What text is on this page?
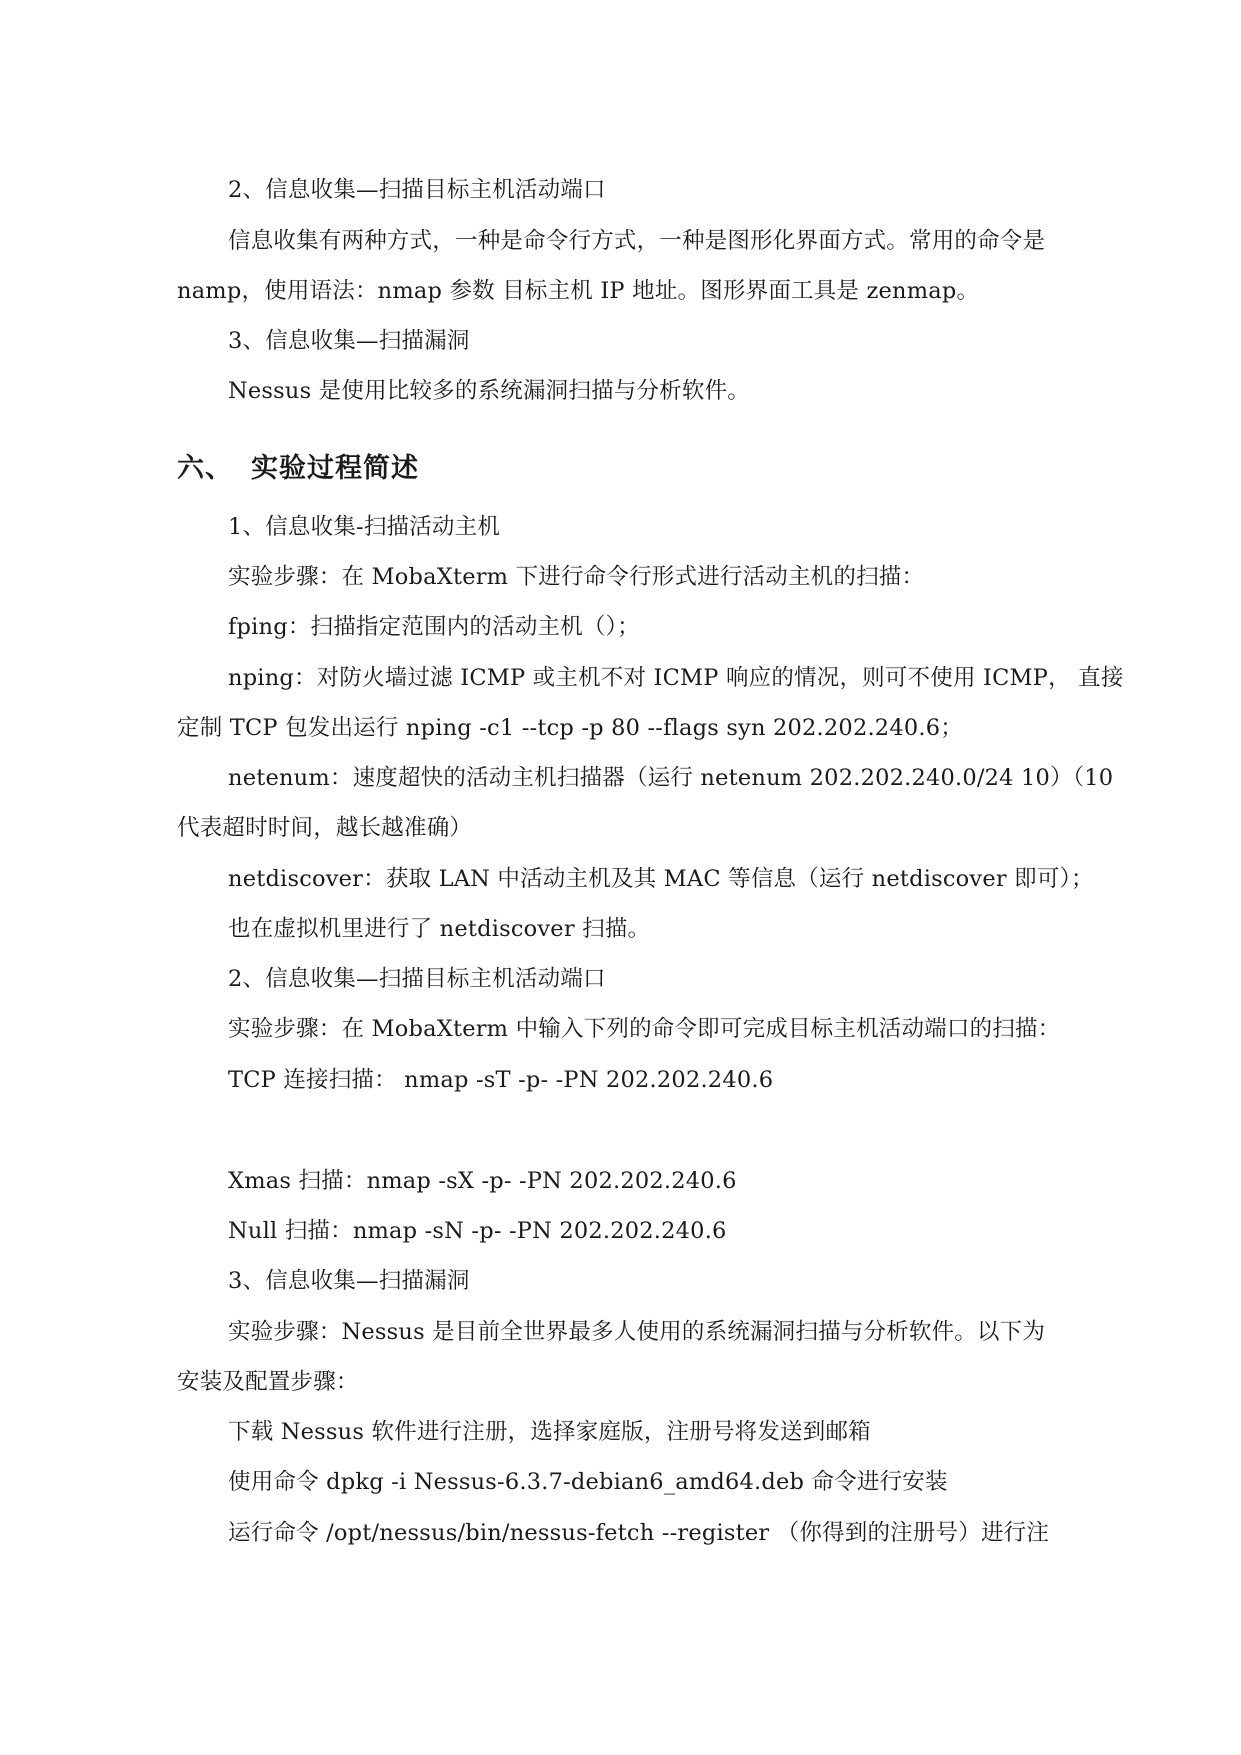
2、信息收集—扫描目标主机活动端口
信息收集有两种方式，一种是命令行方式，一种是图形化界面方式。常用的命令是
namp，使用语法：nmap 参数 目标主机 IP 地址。图形界面工具是 zenmap。
3、信息收集—扫描漏洞
Nessus 是使用比较多的系统漏洞扫描与分析软件。
六、 实验过程简述
1、信息收集-扫描活动主机
实验步骤：在 MobaXterm 下进行命令行形式进行活动主机的扫描：
fping：扫描指定范围内的活动主机（）；
nping：对防火墙过滤 ICMP 或主机不对 ICMP 响应的情况，则可不使用 ICMP， 直接
定制 TCP 包发出运行 nping -c1 --tcp -p 80 --flags syn 202.202.240.6；
netenum：速度超快的活动主机扫描器（运行 netenum 202.202.240.0/24 10）（10
代表超时时间，越长越准确）
netdiscover：获取 LAN 中活动主机及其 MAC 等信息（运行 netdiscover 即可）；
也在虚拟机里进行了 netdiscover 扫描。
2、信息收集—扫描目标主机活动端口
实验步骤：在 MobaXterm 中输入下列的命令即可完成目标主机活动端口的扫描：
TCP 连接扫描： nmap -sT -p- -PN 202.202.240.6
Xmas 扫描：nmap -sX -p- -PN 202.202.240.6
Null 扫描：nmap -sN -p- -PN 202.202.240.6
3、信息收集—扫描漏洞
实验步骤：Nessus 是目前全世界最多人使用的系统漏洞扫描与分析软件。以下为
安装及配置步骤：
下载 Nessus 软件进行注册，选择家庭版，注册号将发送到邮箱
使用命令 dpkg -i Nessus-6.3.7-debian6_amd64.deb 命令进行安装
运行命令 /opt/nessus/bin/nessus-fetch --register （你得到的注册号）进行注
